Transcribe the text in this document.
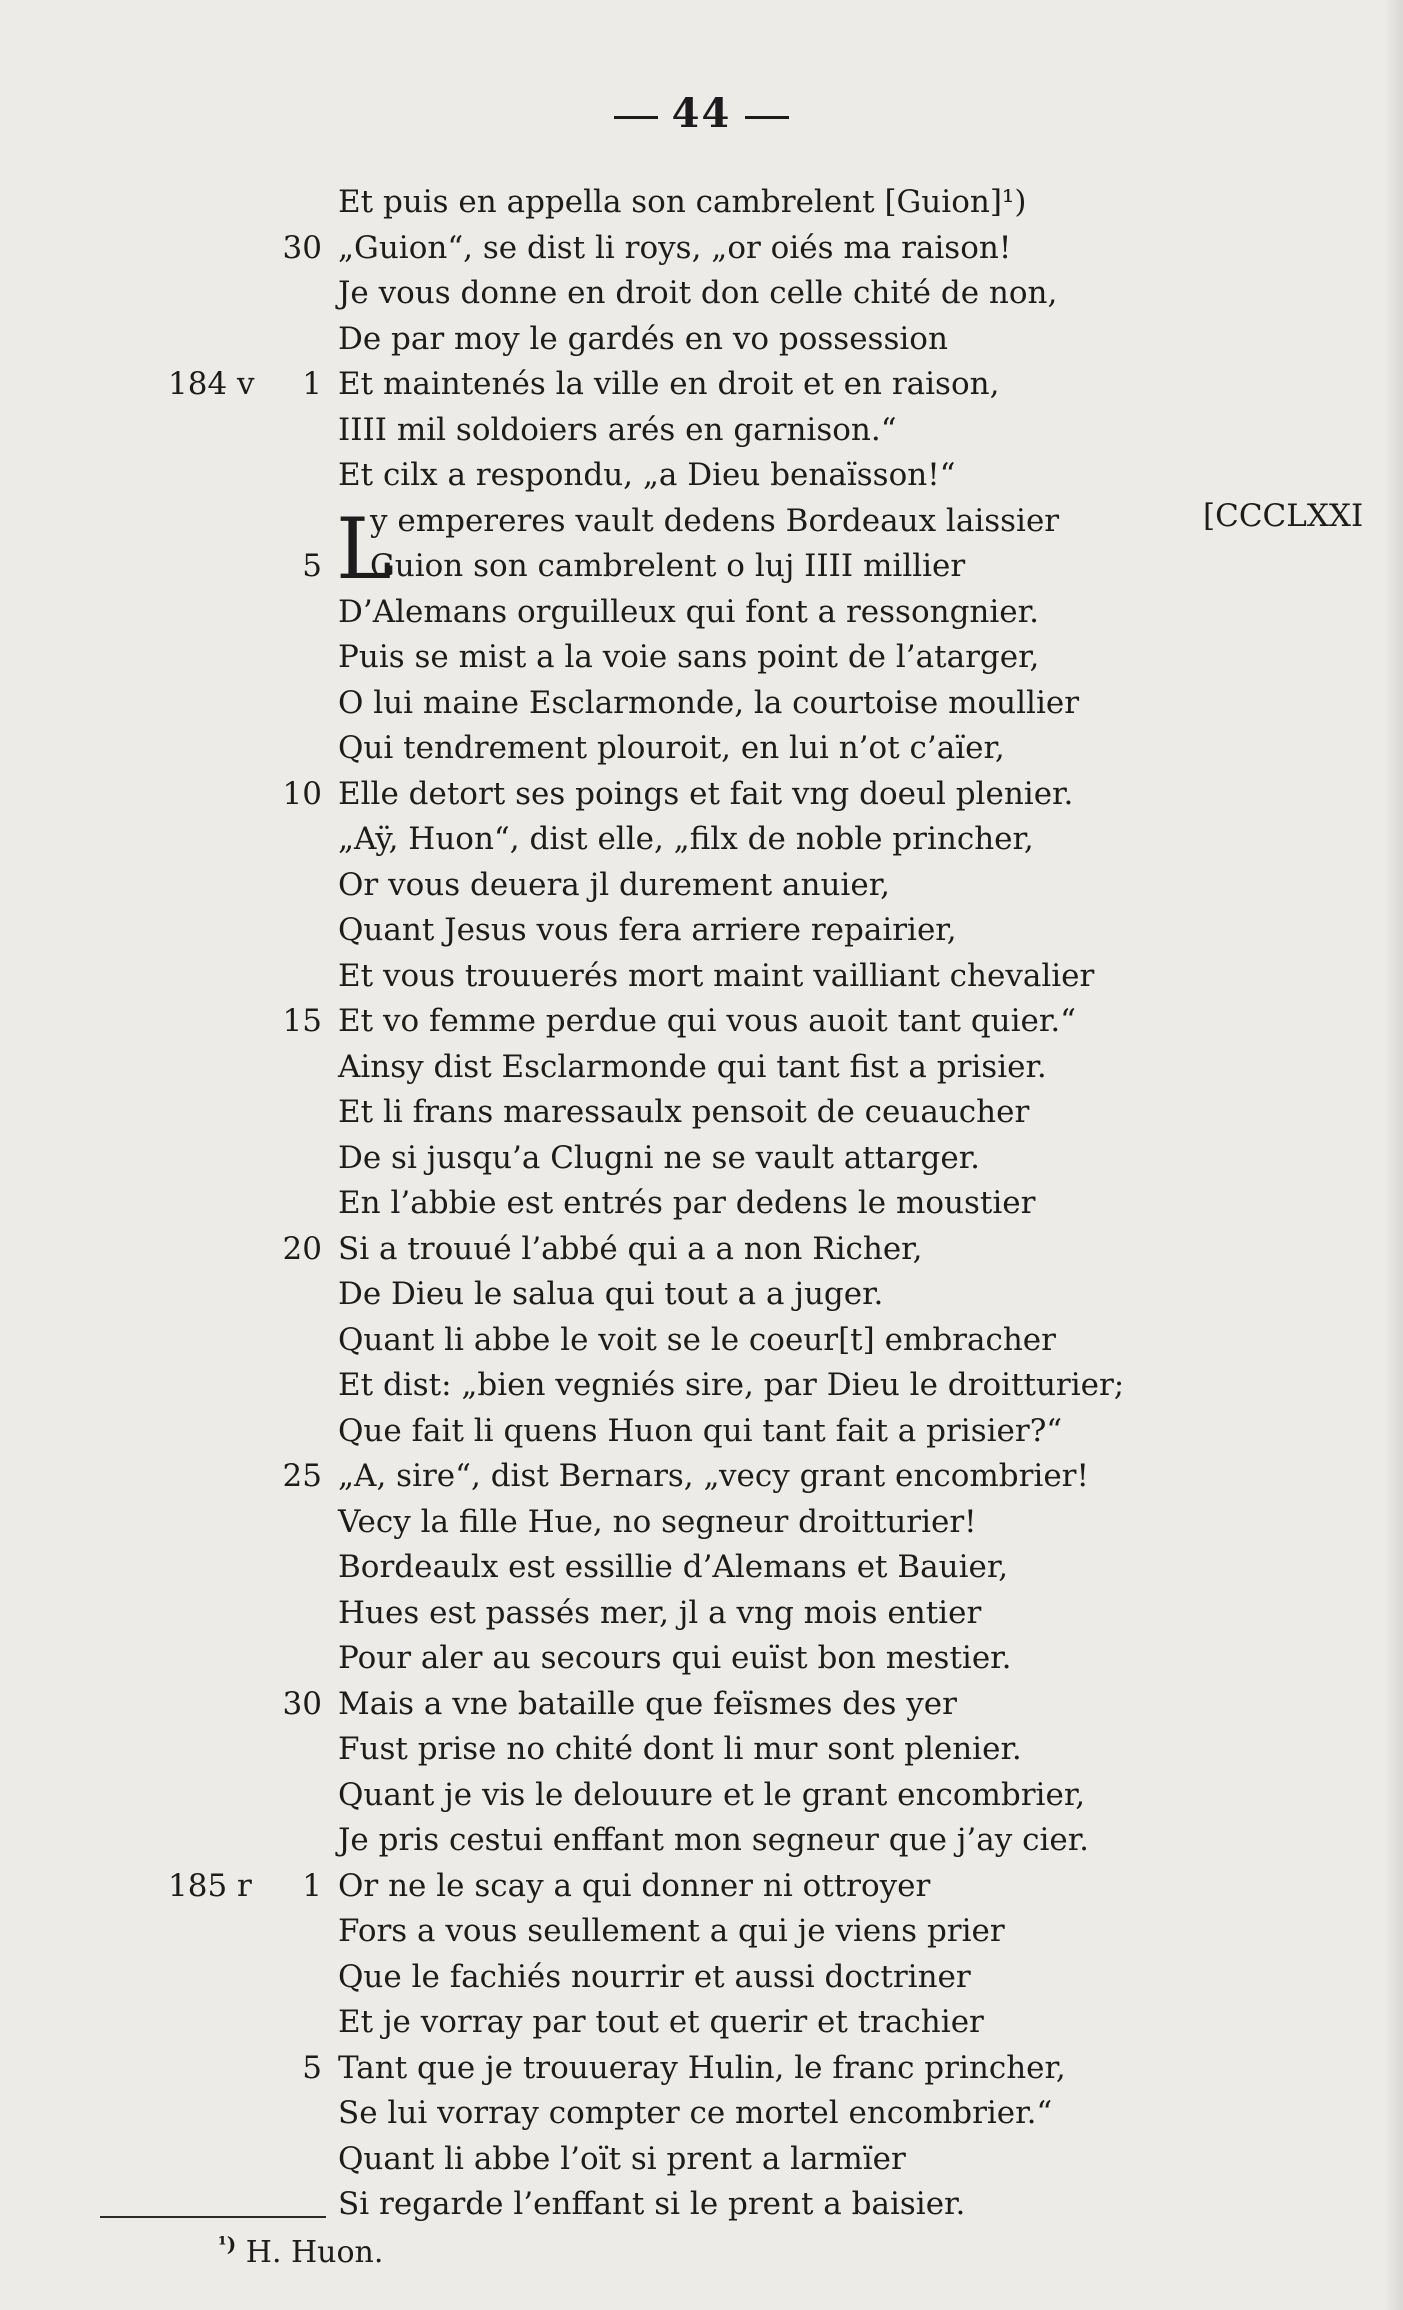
44
Et puis en appella son cambrelent [Guion]¹)
30 „Guion“, se dist li roys, „or oiés ma raison!
Je vous donne en droit don celle chité de non,
De par moy le gardés en vo possession
184 v	1 Et maintenés la ville en droit et en raison,
IIII mil soldoiers arés en garnison.“
Et cilx a respondu, „a Dieu benaïsson!“
L
y empereres vault dedens Bordeaux laissier
5 Guion son cambrelent o luj IIII millier
D’Alemans orguilleux qui font a ressongnier.
Puis se mist a la voie sans point de l’atarger,
O lui maine Esclarmonde, la courtoise moullier
Qui tendrement plouroit, en lui n’ot c’aïer,
10 Elle detort ses poings et fait vng doeul plenier.
„Aÿ, Huon“, dist elle, „filx de noble princher,
Or vous deuera jl durement anuier,
Quant Jesus vous fera arriere repairier,
Et vous trouuerés mort maint vailliant chevalier
15 Et vo femme perdue qui vous auoit tant quier.“
Ainsy dist Esclarmonde qui tant fist a prisier.
Et li frans maressaulx pensoit de ceuaucher
De si jusqu’a Clugni ne se vault attarger.
En l’abbie est entrés par dedens le moustier
20 Si a trouué l’abbé qui a a non Richer,
De Dieu le salua qui tout a a juger.
Quant li abbe le voit se le coeur[t] embracher
Et dist: „bien vegniés sire, par Dieu le droitturier;
Que fait li quens Huon qui tant fait a prisier?“
25 „A, sire“, dist Bernars, „vecy grant encombrier!
Vecy la fille Hue, no segneur droitturier!
Bordeaulx est essillie d’Alemans et Bauier,
Hues est passés mer, jl a vng mois entier
Pour aler au secours qui euïst bon mestier.
30 Mais a vne bataille que feïsmes des yer
Fust prise no chité dont li mur sont plenier.
Quant je vis le delouure et le grant encombrier,
Je pris cestui enffant mon segneur que j’ay cier.
185 r	1 Or ne le scay a qui donner ni ottroyer
Fors a vous seullement a qui je viens prier
Que le fachiés nourrir et aussi doctriner
Et je vorray par tout et querir et trachier
5 Tant que je trouueray Hulin, le franc princher,
Se lui vorray compter ce mortel encombrier.“
Quant li abbe l’oït si prent a larmïer
Si regarde l’enffant si le prent a baisier.
[CCCLXXI
$^{^1)}$ H. Huon.
